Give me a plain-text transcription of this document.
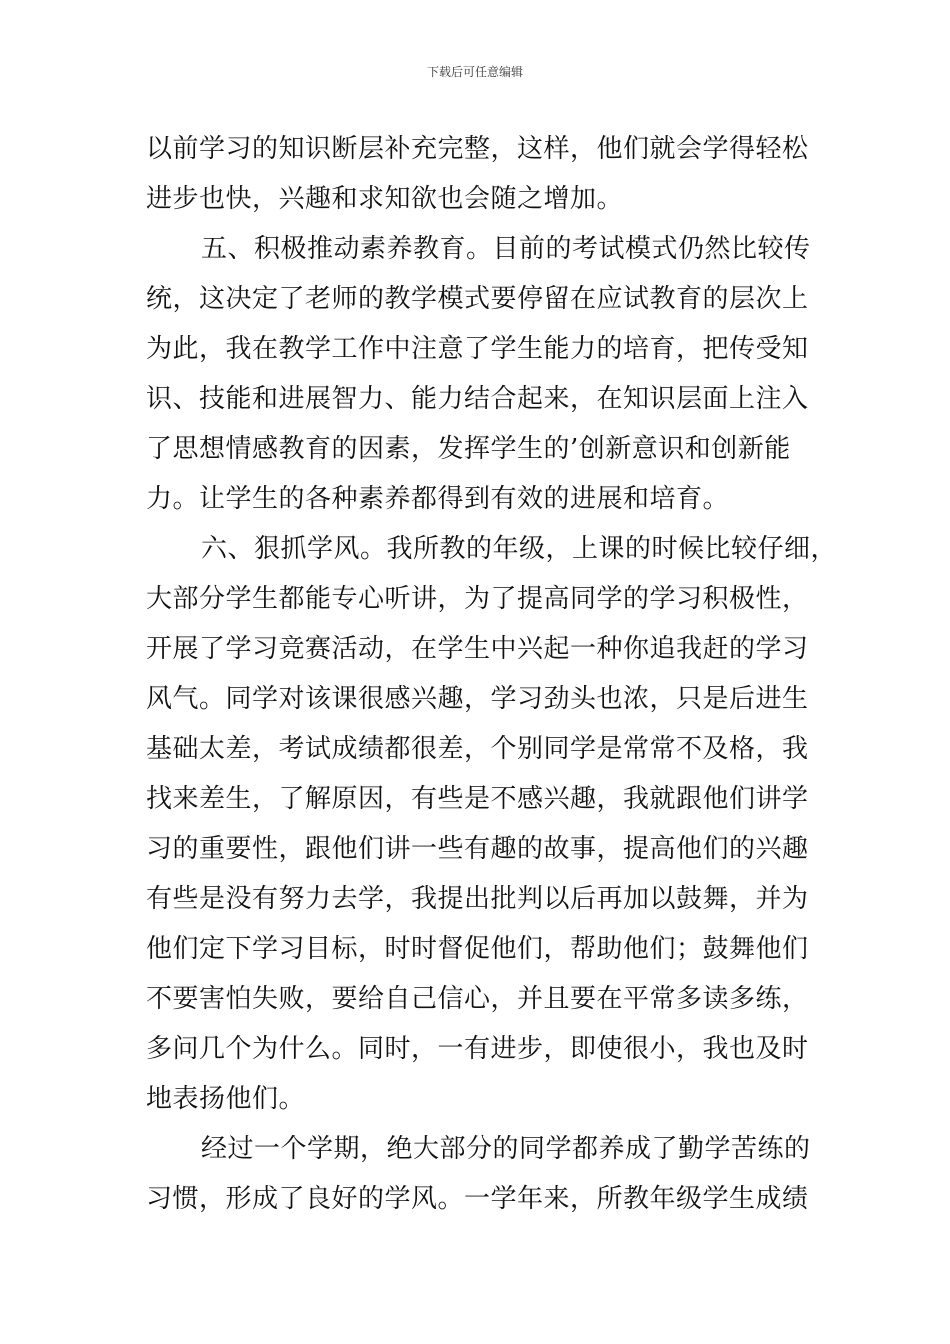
下载后可任意编辑
以前学习的知识断层补充完整，这样，他们就会学得轻松
进步也快，兴趣和求知欲也会随之增加。
五、积极推动素养教育。目前的考试模式仍然比较传
统，这决定了老师的教学模式要停留在应试教育的层次上
为此，我在教学工作中注意了学生能力的培育，把传受知
识、技能和进展智力、能力结合起来，在知识层面上注入
了思想情感教育的因素，发挥学生的’创新意识和创新能
力。让学生的各种素养都得到有效的进展和培育。
六、狠抓学风。我所教的年级，上课的时候比较仔细，
大部分学生都能专心听讲，为了提高同学的学习积极性，
开展了学习竞赛活动，在学生中兴起一种你追我赶的学习
风气。同学对该课很感兴趣，学习劲头也浓，只是后进生
基础太差，考试成绩都很差，个别同学是常常不及格，我
找来差生，了解原因，有些是不感兴趣，我就跟他们讲学
习的重要性，跟他们讲一些有趣的故事，提高他们的兴趣
有些是没有努力去学，我提出批判以后再加以鼓舞，并为
他们定下学习目标，时时督促他们，帮助他们；鼓舞他们
不要害怕失败，要给自己信心，并且要在平常多读多练，
多问几个为什么。同时，一有进步，即使很小，我也及时
地表扬他们。
经过一个学期，绝大部分的同学都养成了勤学苦练的
习惯，形成了良好的学风。一学年来，所教年级学生成绩
